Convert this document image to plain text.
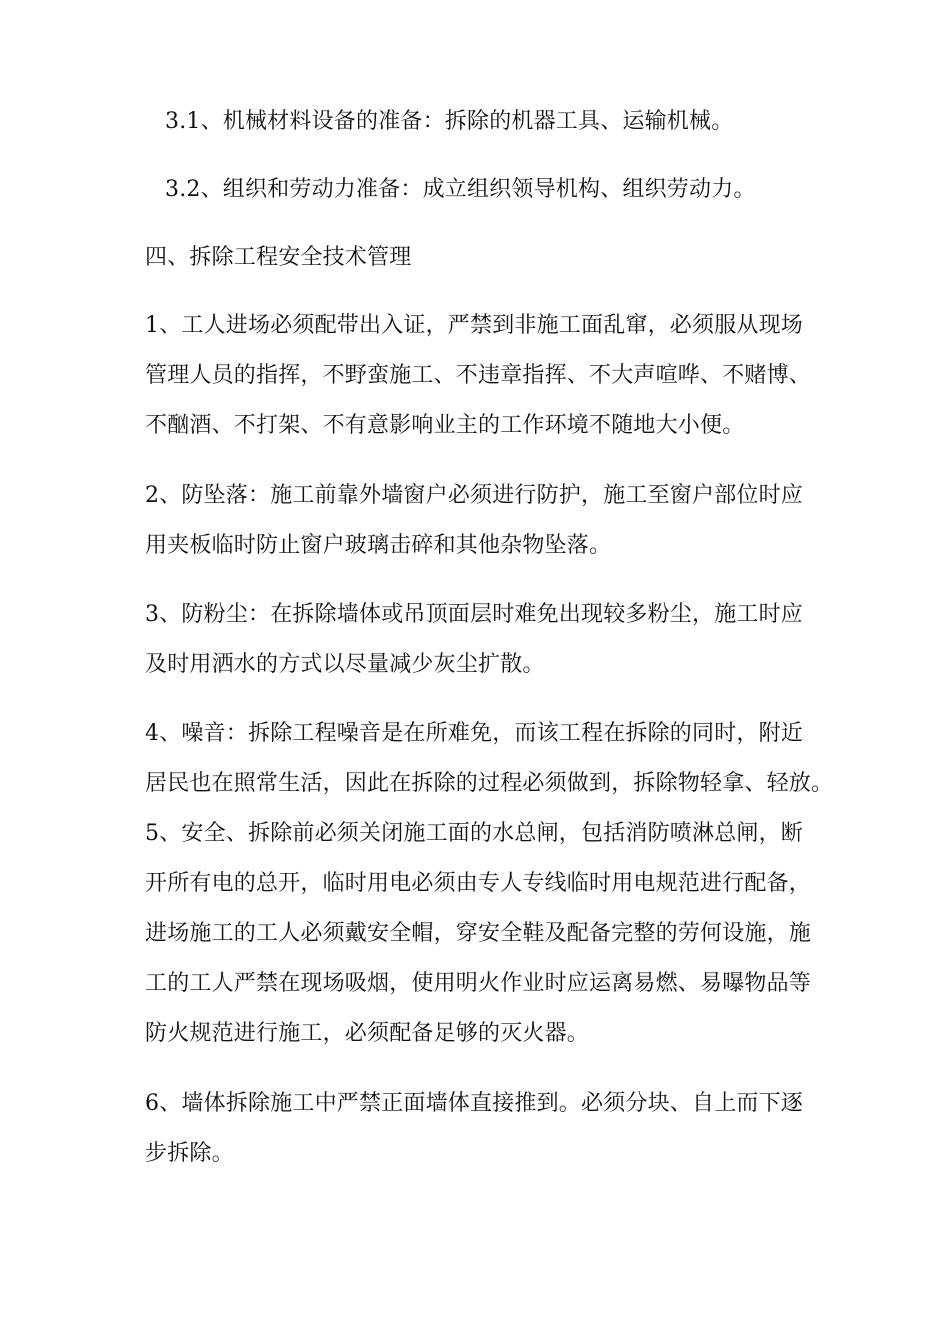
3.1、机械材料设备的准备：拆除的机器工具、运输机械。
3.2、组织和劳动力准备：成立组织领导机构、组织劳动力。
四、拆除工程安全技术管理
1、工人进场必须配带出入证，严禁到非施工面乱窜，必须服从现场
管理人员的指挥，不野蛮施工、不违章指挥、不大声喧哗、不赌博、
不酗酒、不打架、不有意影响业主的工作环境不随地大小便。
2、防坠落：施工前靠外墙窗户必须进行防护，施工至窗户部位时应
用夹板临时防止窗户玻璃击碎和其他杂物坠落。
3、防粉尘：在拆除墙体或吊顶面层时难免出现较多粉尘，施工时应
及时用洒水的方式以尽量减少灰尘扩散。
4、噪音：拆除工程噪音是在所难免，而该工程在拆除的同时，附近
居民也在照常生活，因此在拆除的过程必须做到，拆除物轻拿、轻放。
5、安全、拆除前必须关闭施工面的水总闸，包括消防喷淋总闸，断
开所有电的总开，临时用电必须由专人专线临时用电规范进行配备，
进场施工的工人必须戴安全帽，穿安全鞋及配备完整的劳何设施，施
工的工人严禁在现场吸烟，使用明火作业时应运离易燃、易曝物品等
防火规范进行施工，必须配备足够的灭火器。
6、墙体拆除施工中严禁正面墙体直接推到。必须分块、自上而下逐
步拆除。
